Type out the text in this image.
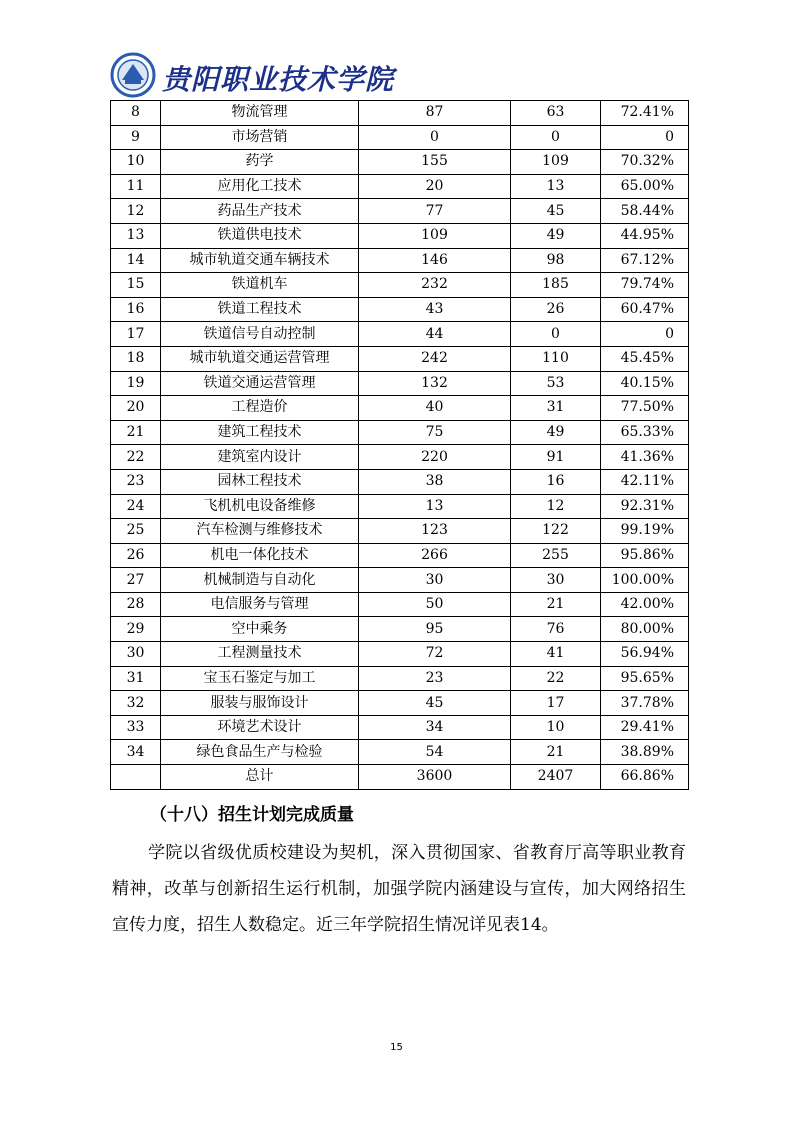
贵阳职业技术学院
8	物流管理	87	63	72.41%
9	市场营销	0	0	0
10	药学	155	109	70.32%
11	应用化工技术	20	13	65.00%
12	药品生产技术	77	45	58.44%
13	铁道供电技术	109	49	44.95%
14	城市轨道交通车辆技术	146	98	67.12%
15	铁道机车	232	185	79.74%
16	铁道工程技术	43	26	60.47%
17	铁道信号自动控制	44	0	0
18	城市轨道交通运营管理	242	110	45.45%
19	铁道交通运营管理	132	53	40.15%
20	工程造价	40	31	77.50%
21	建筑工程技术	75	49	65.33%
22	建筑室内设计	220	91	41.36%
23	园林工程技术	38	16	42.11%
24	飞机机电设备维修	13	12	92.31%
25	汽车检测与维修技术	123	122	99.19%
26	机电一体化技术	266	255	95.86%
27	机械制造与自动化	30	30	100.00%
28	电信服务与管理	50	21	42.00%
29	空中乘务	95	76	80.00%
30	工程测量技术	72	41	56.94%
31	宝玉石鉴定与加工	23	22	95.65%
32	服装与服饰设计	45	17	37.78%
33	环境艺术设计	34	10	29.41%
34	绿色食品生产与检验	54	21	38.89%
	总计	3600	2407	66.86%
（十八）招生计划完成质量

学院以省级优质校建设为契机，深入贯彻国家、省教育厅高等职业教育精神，改革与创新招生运行机制，加强学院内涵建设与宣传，加大网络招生宣传力度，招生人数稳定。近三年学院招生情况详见表14。

15
